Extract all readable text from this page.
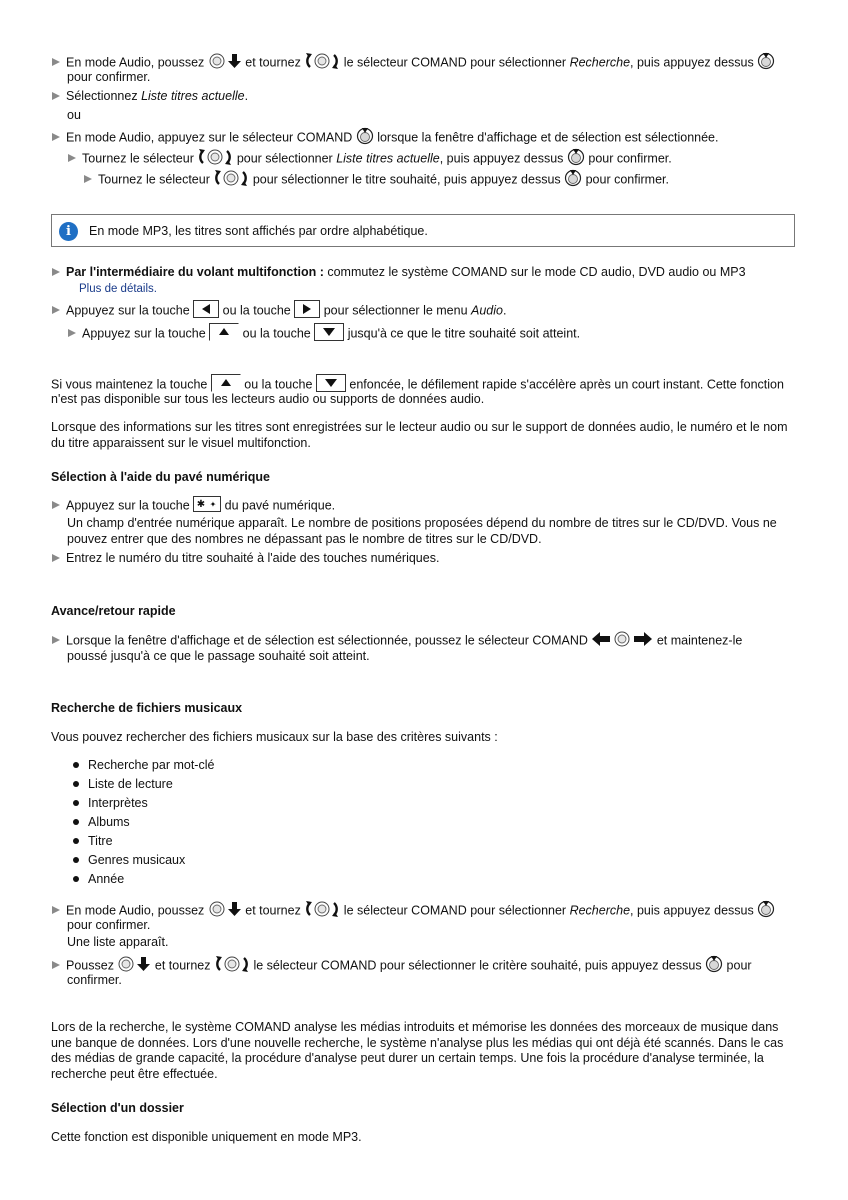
En mode Audio, poussez	et tournez	le sélecteur COMAND pour sélectionner Recherche, puis appuyez dessus
pour confirmer.
Sélectionnez Liste titres actuelle.
ou
En mode Audio, appuyez sur le sélecteur COMAND  lorsque la fenêtre d'affichage et de sélection est sélectionnée.
Tournez le sélecteur	pour sélectionner Liste titres actuelle, puis appuyez dessus  pour confirmer.
Tournez le sélecteur	pour sélectionner le titre souhaité, puis appuyez dessus  pour confirmer.
i	En mode MP3, les titres sont affichés par ordre alphabétique.
Par l'intermédiaire du volant multifonction : commutez le système COMAND sur le mode CD audio, DVD audio ou MP3
Plus de détails.
Appuyez sur la touche  ou la touche  pour sélectionner le menu Audio.
Appuyez sur la touche  ou la touche  jusqu'à ce que le titre souhaité soit atteint.
Si vous maintenez la touche  ou la touche  enfoncée, le défilement rapide s'accélère après un court instant. Cette fonction
n'est pas disponible sur tous les lecteurs audio ou supports de données audio.
Lorsque des informations sur les titres sont enregistrées sur le lecteur audio ou sur le support de données audio, le numéro et le nom du titre apparaissent sur le visuel multifonction.
Sélection à l'aide du pavé numérique
Appuyez sur la touche  du pavé numérique.
Un champ d'entrée numérique apparaît. Le nombre de positions proposées dépend du nombre de titres sur le CD/DVD. Vous ne pouvez entrer que des nombres ne dépassant pas le nombre de titres sur le CD/DVD.
Entrez le numéro du titre souhaité à l'aide des touches numériques.
Avance/retour rapide
Lorsque la fenêtre d'affichage et de sélection est sélectionnée, poussez le sélecteur COMAND	et maintenez-le
poussé jusqu'à ce que le passage souhaité soit atteint.
Recherche de fichiers musicaux
Vous pouvez rechercher des fichiers musicaux sur la base des critères suivants :
Recherche par mot-clé
Liste de lecture
Interprètes
Albums
Titre
Genres musicaux
Année
En mode Audio, poussez	et tournez	le sélecteur COMAND pour sélectionner Recherche, puis appuyez dessus
pour confirmer.
Une liste apparaît.
Poussez	et tournez	le sélecteur COMAND pour sélectionner le critère souhaité, puis appuyez dessus  pour
confirmer.
Lors de la recherche, le système COMAND analyse les médias introduits et mémorise les données des morceaux de musique dans une banque de données. Lors d'une nouvelle recherche, le système n'analyse plus les médias qui ont déjà été scannés. Dans le cas des médias de grande capacité, la procédure d'analyse peut durer un certain temps. Une fois la procédure d'analyse terminée, la recherche peut être effectuée.
Sélection d'un dossier
Cette fonction est disponible uniquement en mode MP3.
